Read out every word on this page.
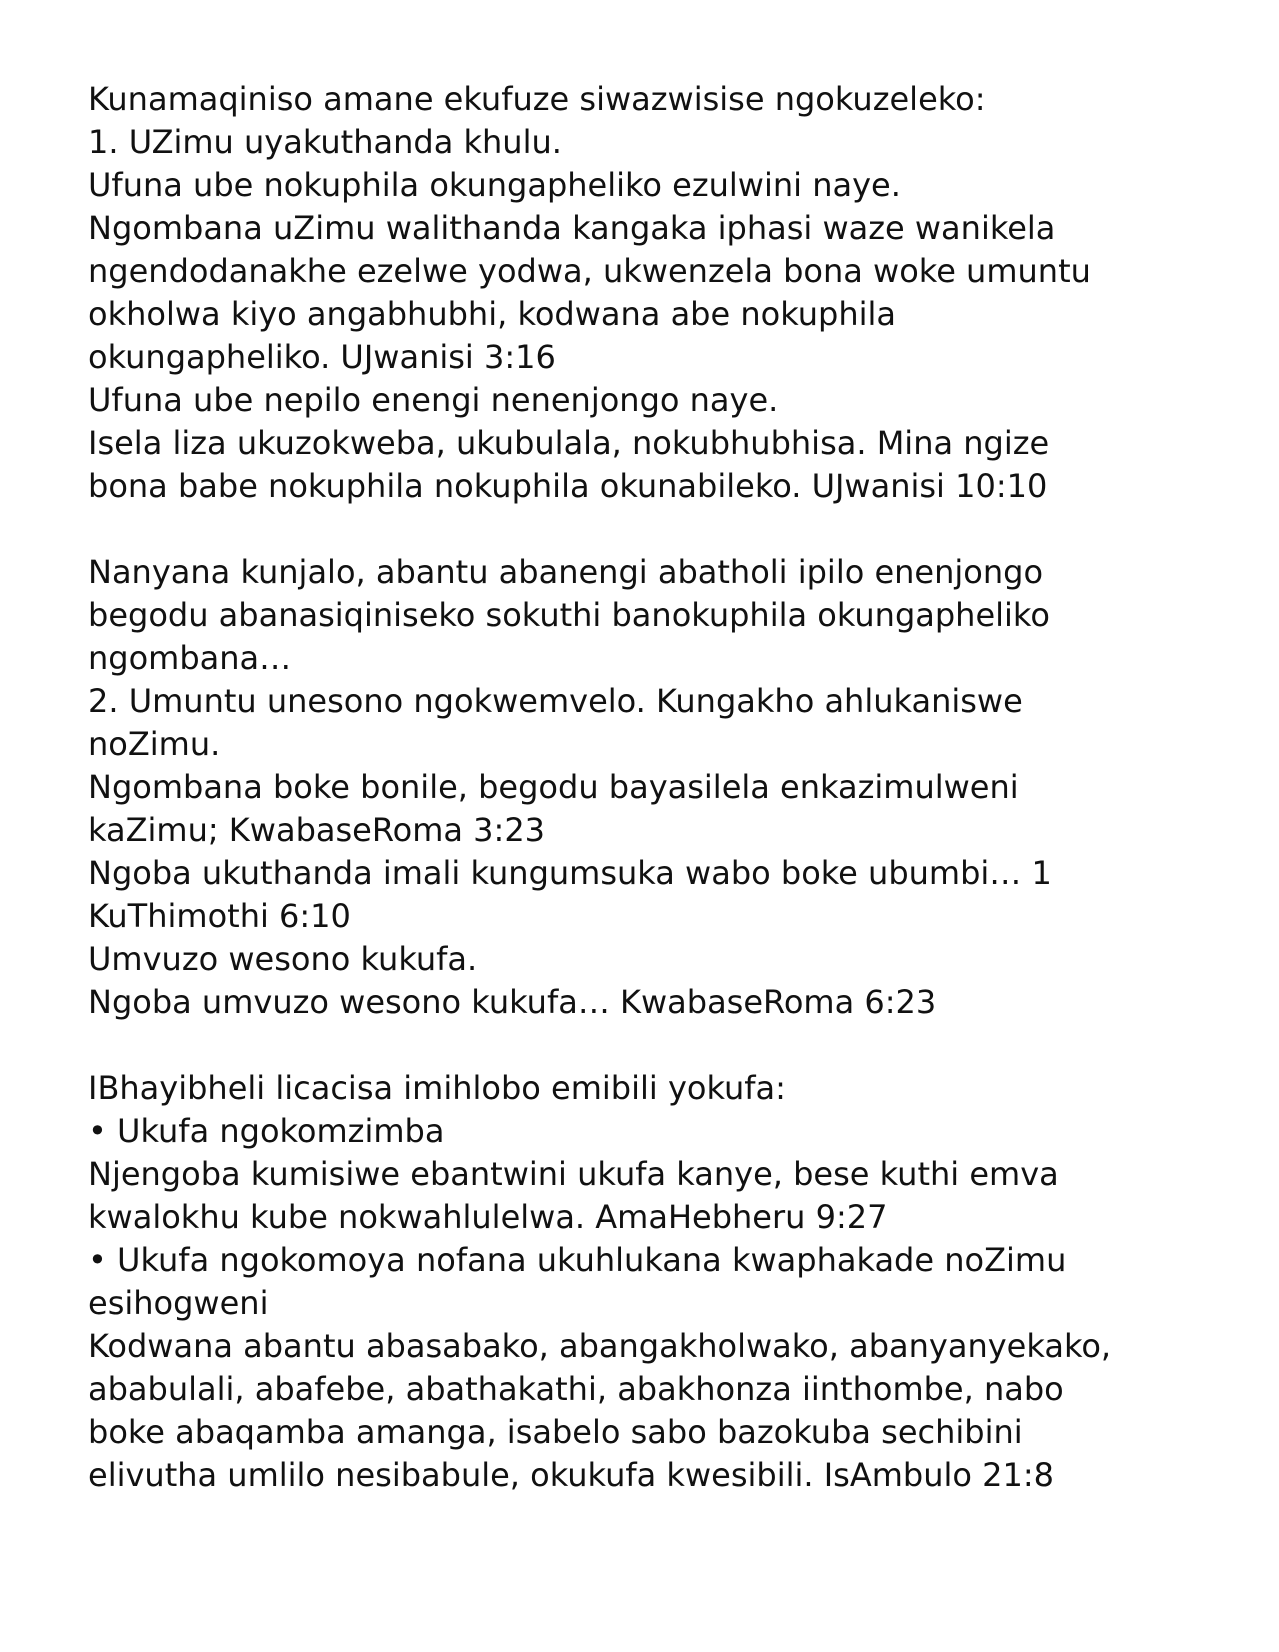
Kunamaqiniso amane ekufuze siwazwisise ngokuzeleko:
1. UZimu uyakuthanda khulu.
Ufuna ube nokuphila okungapheliko ezulwini naye.
Ngombana uZimu walithanda kangaka iphasi waze wanikela
ngendodanakhe ezelwe yodwa, ukwenzela bona woke umuntu
okholwa kiyo angabhubhi, kodwana abe nokuphila
okungapheliko. UJwanisi 3:16
Ufuna ube nepilo enengi nenenjongo naye.
Isela liza ukuzokweba, ukubulala, nokubhubhisa. Mina ngize
bona babe nokuphila nokuphila okunabileko. UJwanisi 10:10
Nanyana kunjalo, abantu abanengi abatholi ipilo enenjongo
begodu abanasiqiniseko sokuthi banokuphila okungapheliko
ngombana…
2. Umuntu unesono ngokwemvelo. Kungakho ahlukaniswe
noZimu.
Ngombana boke bonile, begodu bayasilela enkazimulweni
kaZimu; KwabaseRoma 3:23
Ngoba ukuthanda imali kungumsuka wabo boke ubumbi… 1
KuThimothi 6:10
Umvuzo wesono kukufa.
Ngoba umvuzo wesono kukufa… KwabaseRoma 6:23
IBhayibheli licacisa imihlobo emibili yokufa:
• Ukufa ngokomzimba
Njengoba kumisiwe ebantwini ukufa kanye, bese kuthi emva
kwalokhu kube nokwahlulelwa. AmaHebheru 9:27
• Ukufa ngokomoya nofana ukuhlukana kwaphakade noZimu
esihogweni
Kodwana abantu abasabako, abangakholwako, abanyanyekako,
ababulali, abafebe, abathakathi, abakhonza iinthombe, nabo
boke abaqamba amanga, isabelo sabo bazokuba sechibini
elivutha umlilo nesibabule, okukufa kwesibili. IsAmbulo 21:8
